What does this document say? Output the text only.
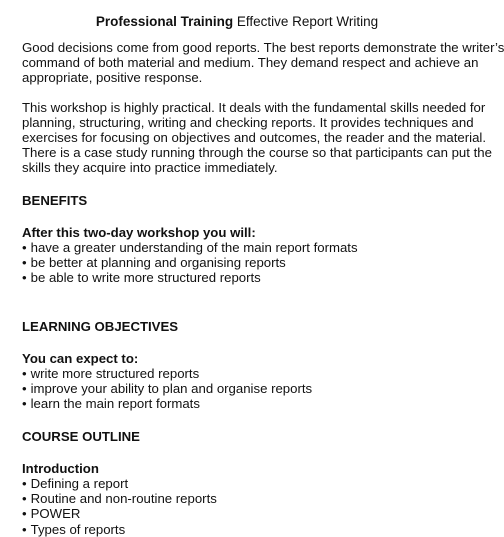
Professional Training Effective Report Writing
Good decisions come from good reports. The best reports demonstrate the writer’s
command of both material and medium. They demand respect and achieve an
appropriate, positive response.
This workshop is highly practical. It deals with the fundamental skills needed for
planning, structuring, writing and checking reports. It provides techniques and
exercises for focusing on objectives and outcomes, the reader and the material.
There is a case study running through the course so that participants can put the
skills they acquire into practice immediately.
BENEFITS
After this two-day workshop you will:
• have a greater understanding of the main report formats
• be better at planning and organising reports
• be able to write more structured reports
LEARNING OBJECTIVES
You can expect to:
• write more structured reports
• improve your ability to plan and organise reports
• learn the main report formats
COURSE OUTLINE
Introduction
• Defining a report
• Routine and non-routine reports
• POWER
• Types of reports
